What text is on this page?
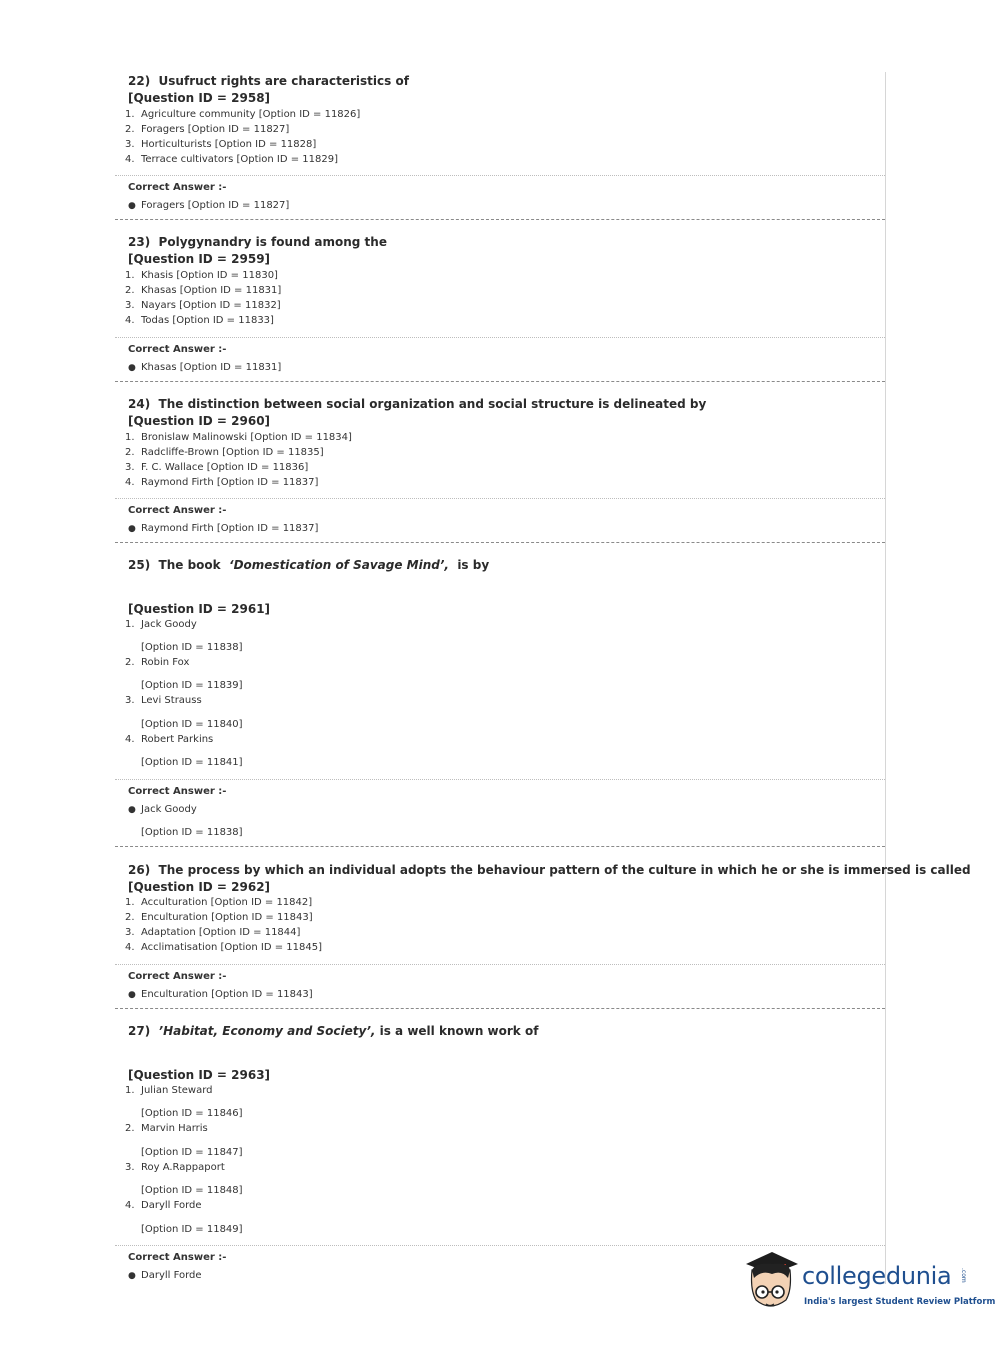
22) Usufruct rights are characteristics of
[Question ID = 2958]
1. Agriculture community [Option ID = 11826]
2. Foragers [Option ID = 11827]
3. Horticulturists [Option ID = 11828]
4. Terrace cultivators [Option ID = 11829]
Correct Answer :-
● Foragers [Option ID = 11827]
23) Polygynandry is found among the
[Question ID = 2959]
1. Khasis [Option ID = 11830]
2. Khasas [Option ID = 11831]
3. Nayars [Option ID = 11832]
4. Todas [Option ID = 11833]
Correct Answer :-
● Khasas [Option ID = 11831]
24) The distinction between social organization and social structure is delineated by
[Question ID = 2960]
1. Bronislaw Malinowski [Option ID = 11834]
2. Radcliffe-Brown [Option ID = 11835]
3. F. C. Wallace [Option ID = 11836]
4. Raymond Firth [Option ID = 11837]
Correct Answer :-
● Raymond Firth [Option ID = 11837]
25) The book ‘Domestication of Savage Mind’, is by
[Question ID = 2961]
1. Jack Goody
[Option ID = 11838]
2. Robin Fox
[Option ID = 11839]
3. Levi Strauss
[Option ID = 11840]
4. Robert Parkins
[Option ID = 11841]
Correct Answer :-
● Jack Goody
[Option ID = 11838]
26) The process by which an individual adopts the behaviour pattern of the culture in which he or she is immersed is called
[Question ID = 2962]
1. Acculturation [Option ID = 11842]
2. Enculturation [Option ID = 11843]
3. Adaptation [Option ID = 11844]
4. Acclimatisation [Option ID = 11845]
Correct Answer :-
● Enculturation [Option ID = 11843]
27) ’Habitat, Economy and Society’, is a well known work of
[Question ID = 2963]
1. Julian Steward
[Option ID = 11846]
2. Marvin Harris
[Option ID = 11847]
3. Roy A.Rappaport
[Option ID = 11848]
4. Daryll Forde
[Option ID = 11849]
Correct Answer :-
● Daryll Forde	collegedunia .com
India's largest Student Review Platform
